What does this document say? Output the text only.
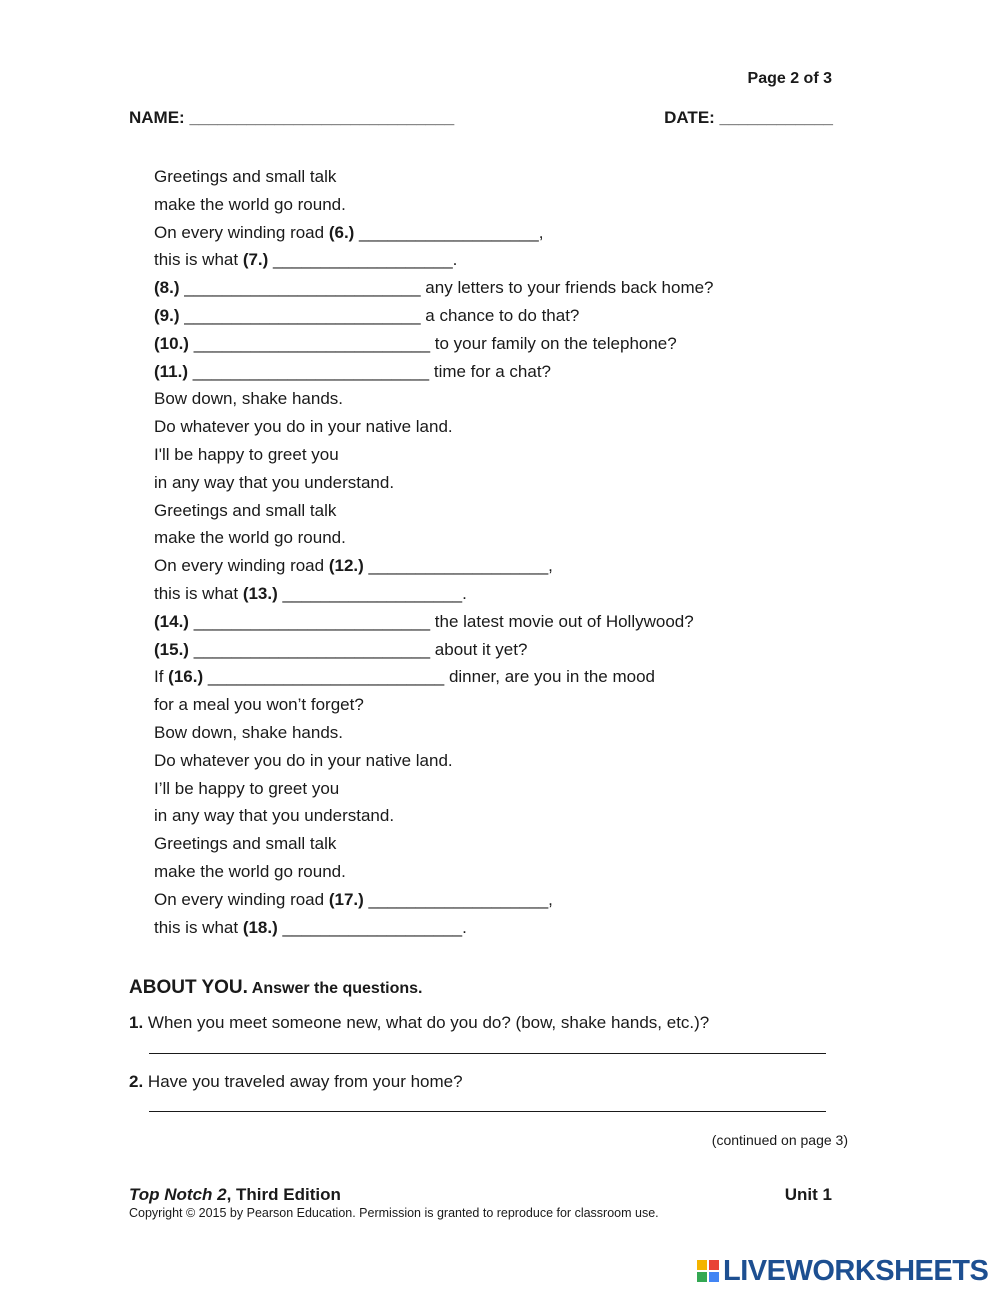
Page 2 of 3
NAME: ____________________________	DATE: ____________
Greetings and small talk
make the world go round.
On every winding road (6.) ___________________,
this is what (7.) ___________________.
(8.) _________________________ any letters to your friends back home?
(9.) _________________________ a chance to do that?
(10.) _________________________ to your family on the telephone?
(11.) _________________________ time for a chat?
Bow down, shake hands.
Do whatever you do in your native land.
I'll be happy to greet you
in any way that you understand.
Greetings and small talk
make the world go round.
On every winding road (12.) ___________________,
this is what (13.) ___________________.
(14.) _________________________ the latest movie out of Hollywood?
(15.) _________________________ about it yet?
If (16.) _________________________ dinner, are you in the mood
for a meal you won’t forget?
Bow down, shake hands.
Do whatever you do in your native land.
I’ll be happy to greet you
in any way that you understand.
Greetings and small talk
make the world go round.
On every winding road (17.) ___________________,
this is what (18.) ___________________.
ABOUT YOU. Answer the questions.
1. When you meet someone new, what do you do? (bow, shake hands, etc.)?
2. Have you traveled away from your home?
(continued on page 3)
Top Notch 2, Third Edition	Unit 1
Copyright © 2015 by Pearson Education. Permission is granted to reproduce for classroom use.
LIVEWORKSHEETS
